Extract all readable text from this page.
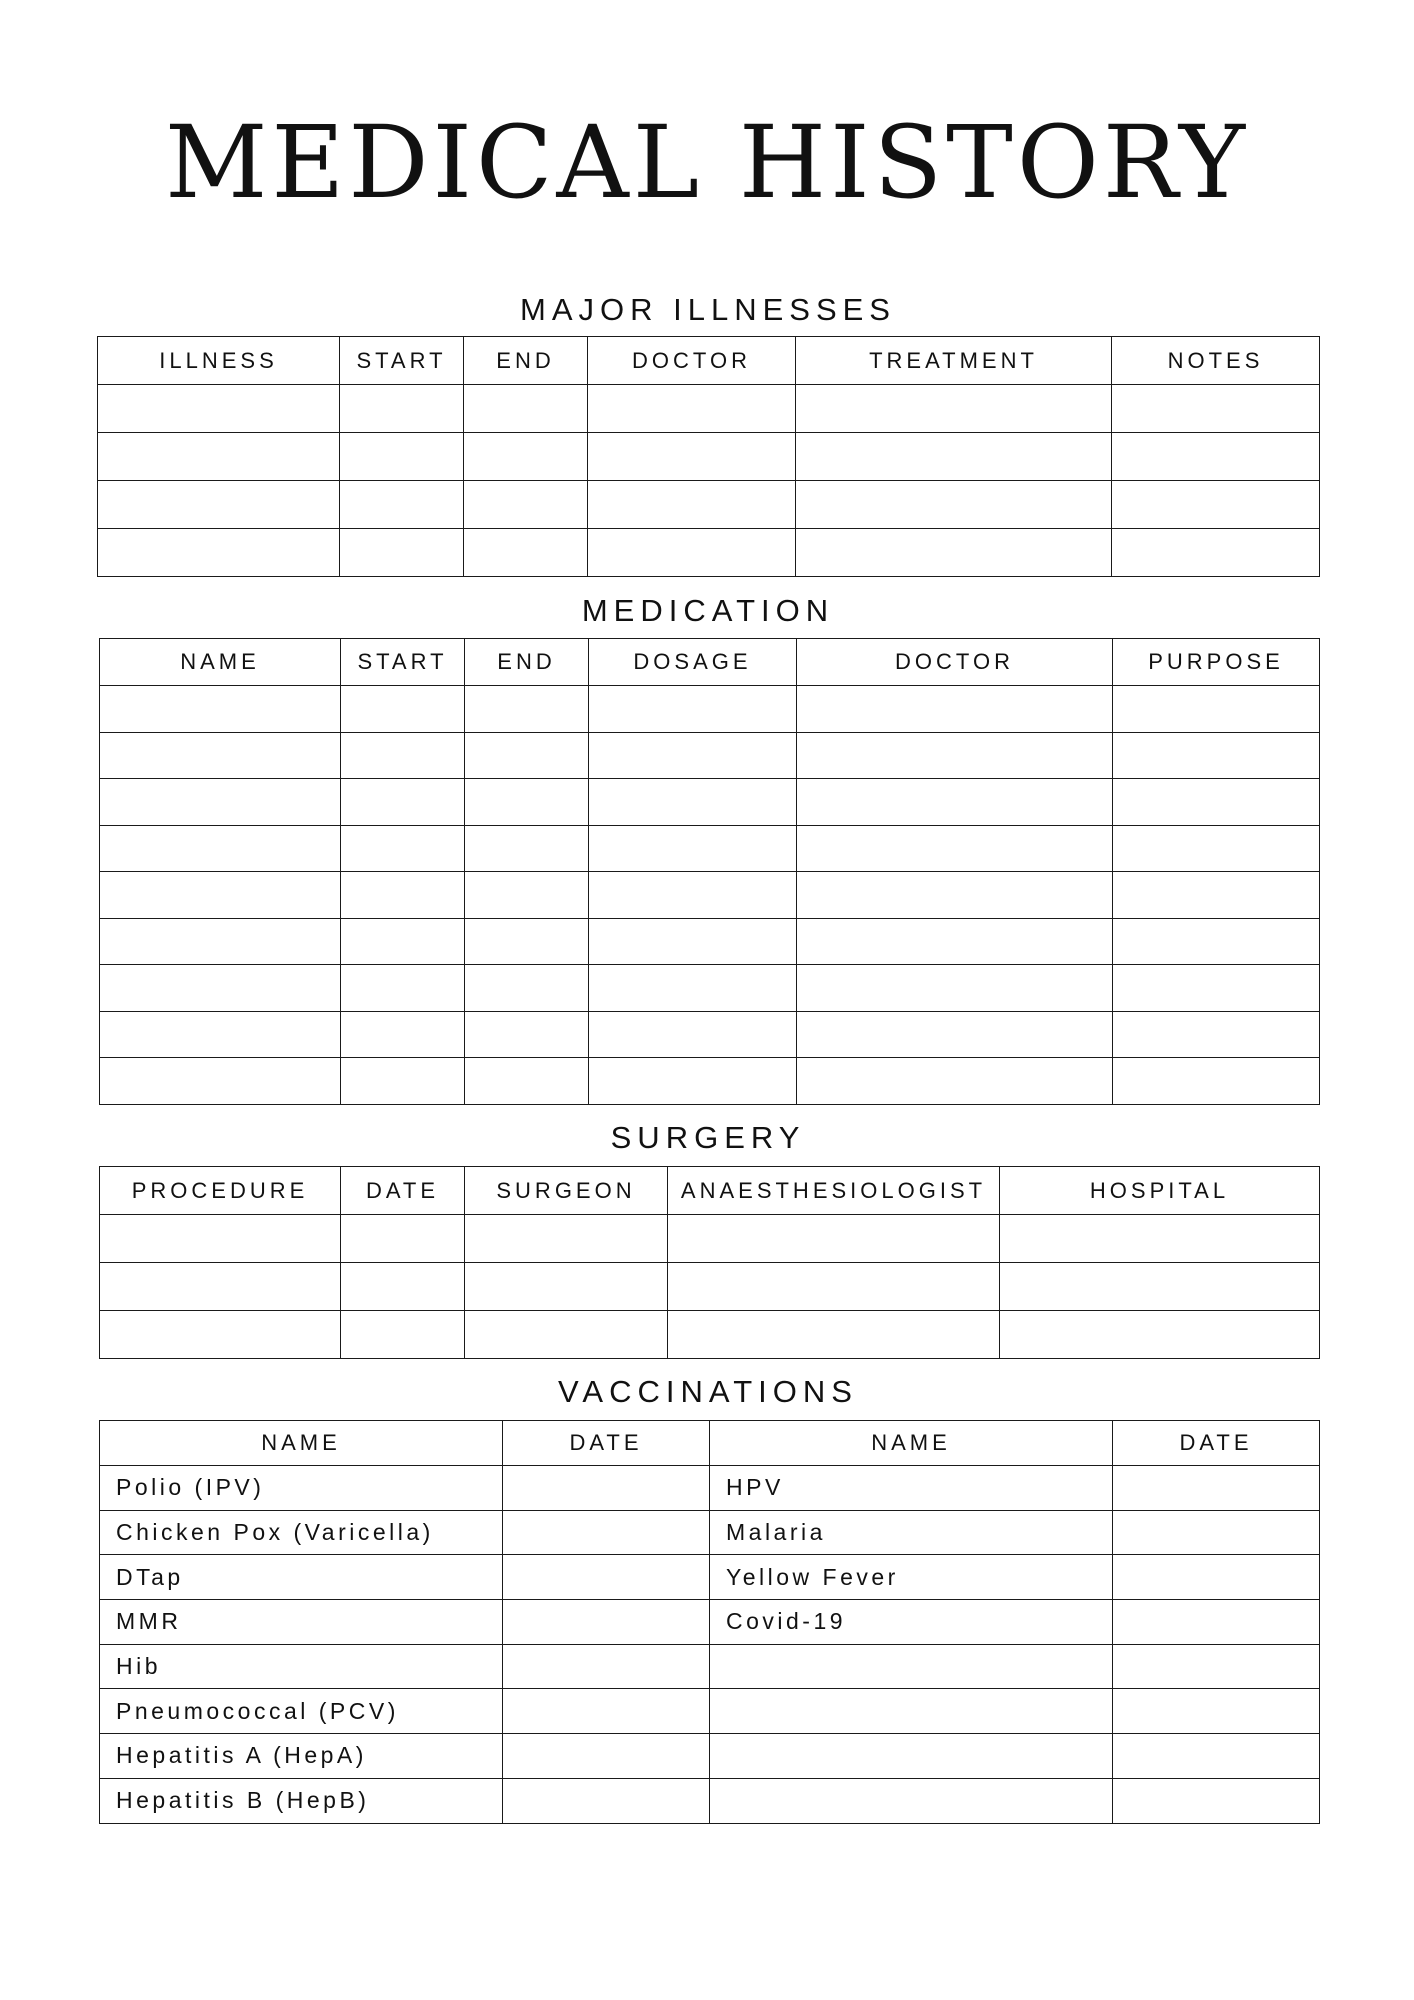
MEDICAL HISTORY
MAJOR ILLNESSES
ILLNESS	START	END	DOCTOR	TREATMENT	NOTES

MEDICATION
NAME	START	END	DOSAGE	DOCTOR	PURPOSE

SURGERY
PROCEDURE	DATE	SURGEON	ANAESTHESIOLOGIST	HOSPITAL

VACCINATIONS
NAME	DATE	NAME	DATE
Polio (IPV)		HPV	
Chicken Pox (Varicella)		Malaria	
DTap		Yellow Fever	
MMR		Covid-19	
Hib			
Pneumococcal (PCV)			
Hepatitis A (HepA)			
Hepatitis B (HepB)			
